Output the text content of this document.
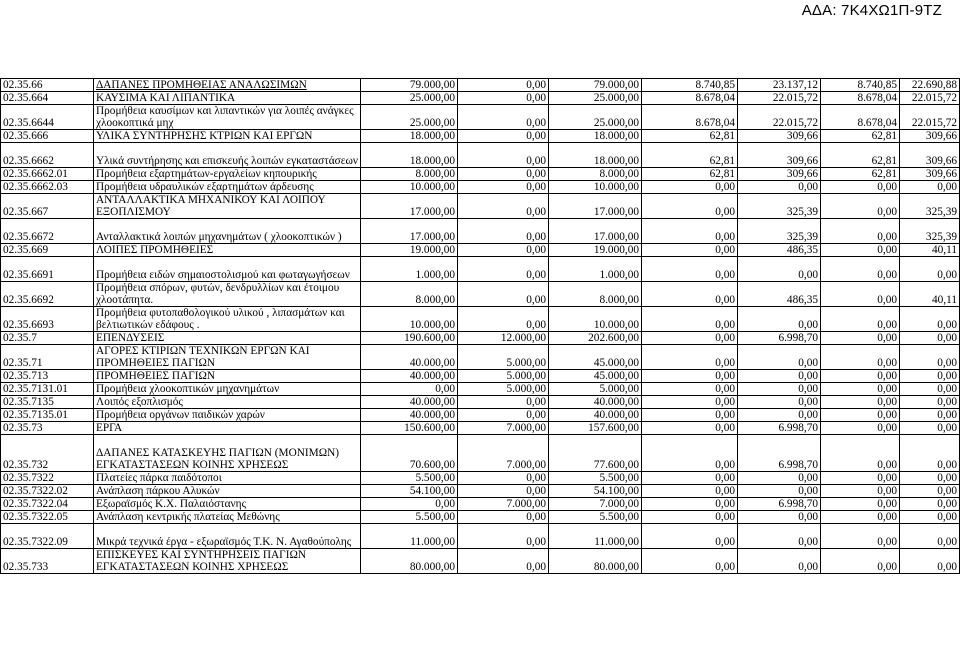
ΑΔΑ: 7Κ4ΧΩ1Π-9ΤΖ
02.35.66	ΔΑΠΑΝΕΣ ΠΡΟΜΗΘΕΙΑΣ ΑΝΑΛΩΣΙΜΩΝ	79.000,00	0,00	79.000,00	8.740,85	23.137,12	8.740,85	22.690,88
02.35.664	ΚΑΥΣΙΜΑ ΚΑΙ ΛΙΠΑΝΤΙΚΑ	25.000,00	0,00	25.000,00	8.678,04	22.015,72	8.678,04	22.015,72
02.35.6644	Προμήθεια καυσίμων και λιπαντικών για λοιπές ανάγκες χλοοκοπτικά μηχ	25.000,00	0,00	25.000,00	8.678,04	22.015,72	8.678,04	22.015,72
02.35.666	ΥΛΙΚΑ ΣΥΝΤΗΡΗΣΗΣ ΚΤΡΙΩΝ ΚΑΙ ΕΡΓΩΝ	18.000,00	0,00	18.000,00	62,81	309,66	62,81	309,66
02.35.6662	Υλικά συντήρησης και επισκευής λοιπών εγκαταστάσεων	18.000,00	0,00	18.000,00	62,81	309,66	62,81	309,66
02.35.6662.01	Προμήθεια εξαρτημάτων-εργαλείων κηπουρικής	8.000,00	0,00	8.000,00	62,81	309,66	62,81	309,66
02.35.6662.03	Προμήθεια υδραυλικών εξαρτημάτων άρδευσης	10.000,00	0,00	10.000,00	0,00	0,00	0,00	0,00
02.35.667	ΑΝΤΑΛΛΑΚΤΙΚΑ ΜΗΧΑΝΙΚΟΥ ΚΑΙ ΛΟΙΠΟΥ ΕΞΟΠΛΙΣΜΟΥ	17.000,00	0,00	17.000,00	0,00	325,39	0,00	325,39
02.35.6672	Ανταλλακτικά λοιπών μηχανημάτων ( χλοοκοπτικών )	17.000,00	0,00	17.000,00	0,00	325,39	0,00	325,39
02.35.669	ΛΟΙΠΕΣ ΠΡΟΜΗΘΕΙΕΣ	19.000,00	0,00	19.000,00	0,00	486,35	0,00	40,11
02.35.6691	Προμήθεια ειδών σημαιοστολισμού και φωταγωγήσεων	1.000,00	0,00	1.000,00	0,00	0,00	0,00	0,00
02.35.6692	Προμήθεια σπόρων, φυτών, δενδρυλλίων και έτοιμου χλοοτάπητα.	8.000,00	0,00	8.000,00	0,00	486,35	0,00	40,11
02.35.6693	Προμήθεια φυτοπαθολογικού υλικού , λιπασμάτων και βελτιωτικών εδάφους .	10.000,00	0,00	10.000,00	0,00	0,00	0,00	0,00
02.35.7	ΕΠΕΝΔΥΣΕΙΣ	190.600,00	12.000,00	202.600,00	0,00	6.998,70	0,00	0,00
02.35.71	ΑΓΟΡΕΣ ΚΤΙΡΙΩΝ ΤΕΧΝΙΚΩΝ ΕΡΓΩΝ ΚΑΙ ΠΡΟΜΗΘΕΙΕΣ ΠΑΓΙΩΝ	40.000,00	5.000,00	45.000,00	0,00	0,00	0,00	0,00
02.35.713	ΠΡΟΜΗΘΕΙΕΣ ΠΑΓΙΩΝ	40.000,00	5.000,00	45.000,00	0,00	0,00	0,00	0,00
02.35.7131.01	Προμήθεια χλοοκοπτικών μηχανημάτων	0,00	5.000,00	5.000,00	0,00	0,00	0,00	0,00
02.35.7135	Λοιπός εξοπλισμός	40.000,00	0,00	40.000,00	0,00	0,00	0,00	0,00
02.35.7135.01	Προμήθεια οργάνων παιδικών χαρών	40.000,00	0,00	40.000,00	0,00	0,00	0,00	0,00
02.35.73	ΕΡΓΑ	150.600,00	7.000,00	157.600,00	0,00	6.998,70	0,00	0,00
02.35.732	ΔΑΠΑΝΕΣ ΚΑΤΑΣΚΕΥΗΣ ΠΑΓΙΩΝ (ΜΟΝΙΜΩΝ) ΕΓΚΑΤΑΣΤΑΣΕΩΝ ΚΟΙΝΗΣ ΧΡΗΣΕΩΣ	70.600,00	7.000,00	77.600,00	0,00	6.998,70	0,00	0,00
02.35.7322	Πλατείες πάρκα παιδότοποι	5.500,00	0,00	5.500,00	0,00	0,00	0,00	0,00
02.35.7322.02	Ανάπλαση πάρκου Αλυκών	54.100,00	0,00	54.100,00	0,00	0,00	0,00	0,00
02.35.7322.04	Εξωραϊσμός Κ.Χ. Παλαιόστανης	0,00	7.000,00	7.000,00	0,00	6.998,70	0,00	0,00
02.35.7322.05	Ανάπλαση κεντρικής πλατείας Μεθώνης	5.500,00	0,00	5.500,00	0,00	0,00	0,00	0,00
02.35.7322.09	Μικρά τεχνικά έργα - εξωραϊσμός Τ.Κ. Ν. Αγαθούπολης	11.000,00	0,00	11.000,00	0,00	0,00	0,00	0,00
02.35.733	ΕΠΙΣΚΕΥΕΣ ΚΑΙ ΣΥΝΤΗΡΗΣΕΙΣ ΠΑΓΙΩΝ ΕΓΚΑΤΑΣΤΑΣΕΩΝ ΚΟΙΝΗΣ ΧΡΗΣΕΩΣ	80.000,00	0,00	80.000,00	0,00	0,00	0,00	0,00
